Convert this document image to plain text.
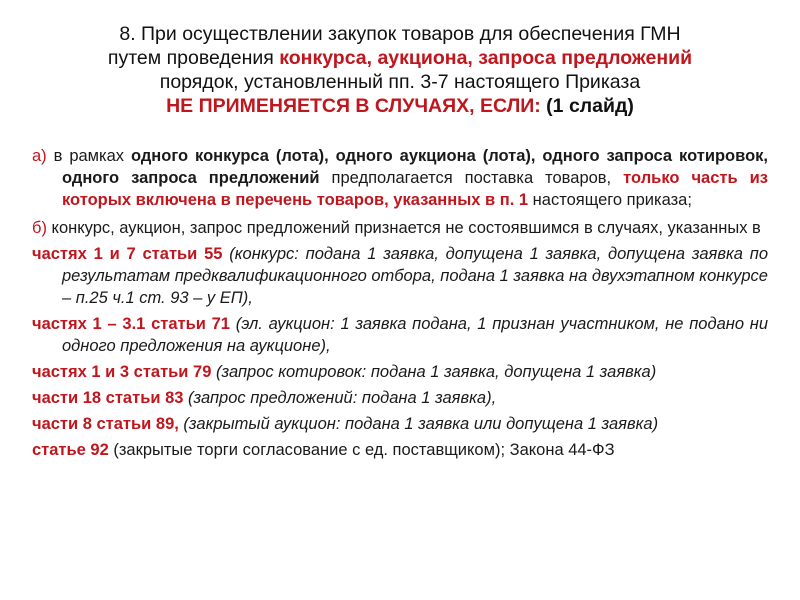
8. При осуществлении закупок товаров для обеспечения ГМН
путем проведения конкурса, аукциона, запроса предложений
порядок, установленный пп. 3-7 настоящего Приказа
НЕ ПРИМЕНЯЕТСЯ В СЛУЧАЯХ, ЕСЛИ: (1 слайд)

а) в рамках одного конкурса (лота), одного аукциона (лота), одного запроса котировок, одного запроса предложений предполагается поставка товаров, только часть из которых включена в перечень товаров, указанных в п. 1 настоящего приказа;

б) конкурс, аукцион, запрос предложений признается не состоявшимся в случаях, указанных в

частях 1 и 7 статьи 55 (конкурс: подана 1 заявка, допущена 1 заявка, допущена заявка по результатам предквалификационного отбора, подана 1 заявка на двухэтапном конкурсе – п.25 ч.1 ст. 93 – у ЕП),

частях 1 – 3.1 статьи 71 (эл. аукцион: 1 заявка подана, 1 признан участником, не подано ни одного предложения на аукционе),

частях 1 и 3 статьи 79 (запрос котировок: подана 1 заявка, допущена 1 заявка)

части 18 статьи 83 (запрос предложений: подана 1 заявка),

части 8 статьи 89, (закрытый аукцион: подана 1 заявка или допущена 1 заявка)

статье 92 (закрытые торги согласование с ед. поставщиком); Закона 44-ФЗ
